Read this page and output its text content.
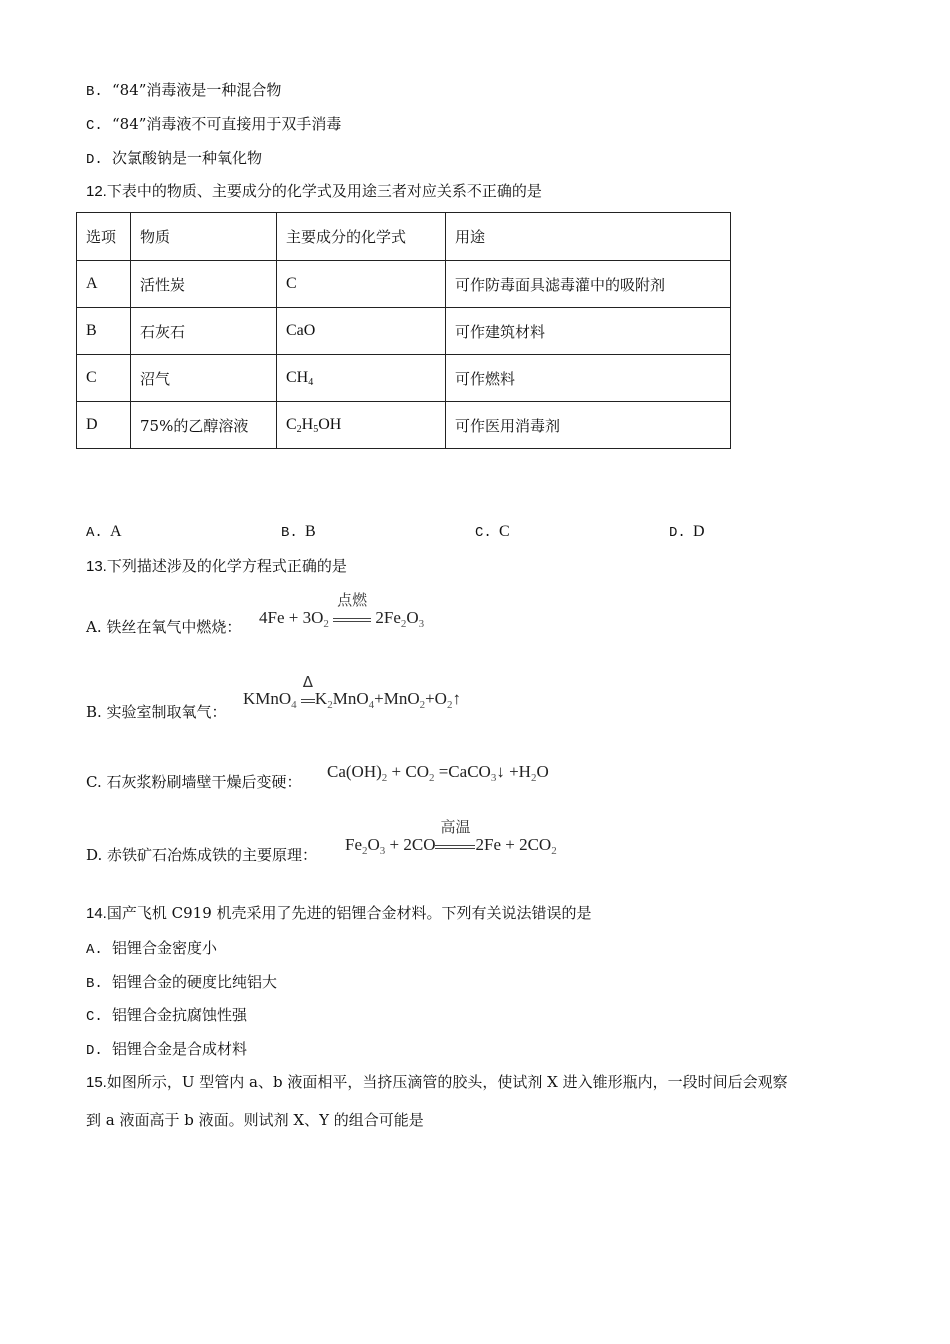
B. “84”消毒液是一种混合物
C. “84”消毒液不可直接用于双手消毒
D. 次氯酸钠是一种氧化物
12.下表中的物质、主要成分的化学式及用途三者对应关系不正确的是
选项	物质	主要成分的化学式	用途
A	活性炭	C	可作防毒面具滤毒灌中的吸附剂
B	石灰石	CaO	可作建筑材料
C	沼气	$CH_4$	可作燃料
D	75%的乙醇溶液	$C_2H_5OH$	可作医用消毒剂
A. A	B. B	C. C	D. D
13.下列描述涉及的化学方程式正确的是
A. 铁丝在氧气中燃烧： $4Fe + 3O_2$
点燃
$2Fe_2O_3$
B. 实验室制取氧气：
KMnO$_4$
Δ
$K_2MnO_4+MnO_2+O_2↑$
C. 石灰浆粉刷墙壁干燥后变硬：
$Ca(OH)_2 + CO_2$ =CaCO$_3$↓ $+H_2O$
D. 赤铁矿石冶炼成铁的主要原理：
$Fe_2O_3 + 2CO$
高温
$2Fe + 2CO_2$
14.国产飞机 C919 机壳采用了先进的铝锂合金材料。下列有关说法错误的是
A. 铝锂合金密度小
B. 铝锂合金的硬度比纯铝大
C. 铝锂合金抗腐蚀性强
D. 铝锂合金是合成材料
15.如图所示，U 型管内 a、b 液面相平，当挤压滴管的胶头，使试剂 X 进入锥形瓶内，一段时间后会观察
到 a 液面高于 b 液面。则试剂 X、Y 的组合可能是
